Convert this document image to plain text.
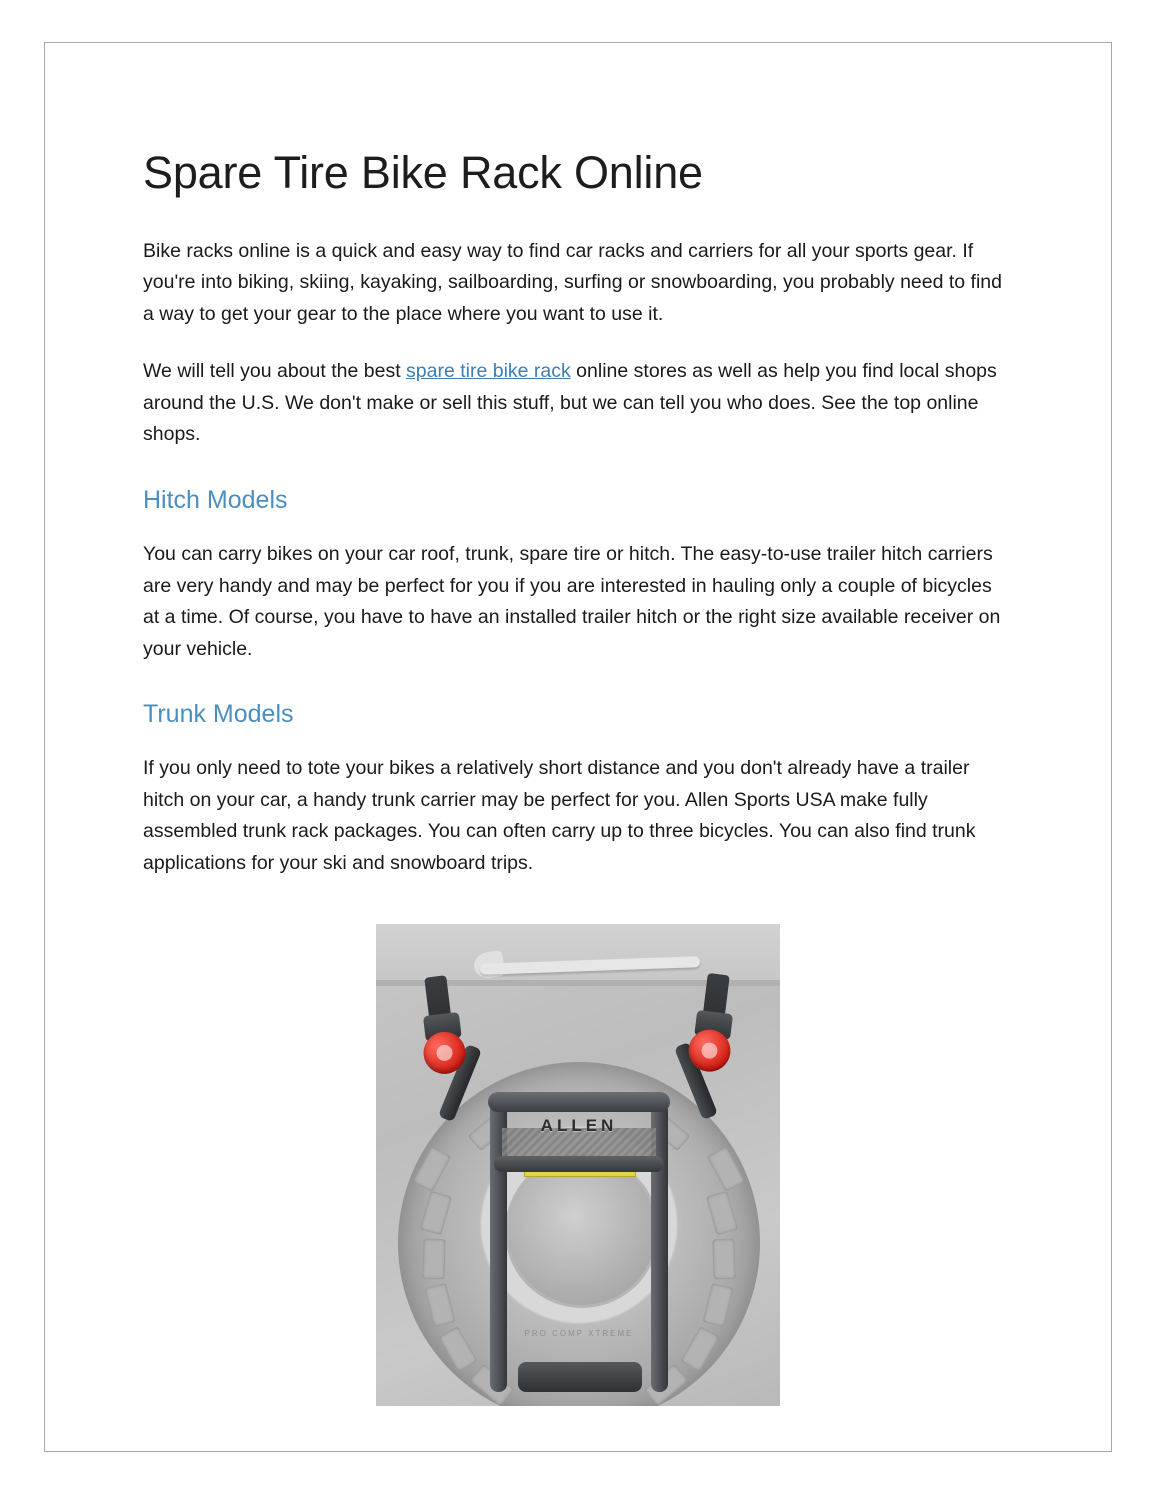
Spare Tire Bike Rack Online

Bike racks online is a quick and easy way to find car racks and carriers for all your sports gear. If you're into biking, skiing, kayaking, sailboarding, surfing or snowboarding, you probably need to find a way to get your gear to the place where you want to use it.

We will tell you about the best spare tire bike rack online stores as well as help you find local shops around the U.S. We don't make or sell this stuff, but we can tell you who does. See the top online shops.

Hitch Models

You can carry bikes on your car roof, trunk, spare tire or hitch. The easy-to-use trailer hitch carriers are very handy and may be perfect for you if you are interested in hauling only a couple of bicycles at a time. Of course, you have to have an installed trailer hitch or the right size available receiver on your vehicle.

Trunk Models

If you only need to tote your bikes a relatively short distance and you don't already have a trailer hitch on your car, a handy trunk carrier may be perfect for you. Allen Sports USA make fully assembled trunk rack packages. You can often carry up to three bicycles. You can also find trunk applications for your ski and snowboard trips.

PRO COMP XTREME
ALLEN
